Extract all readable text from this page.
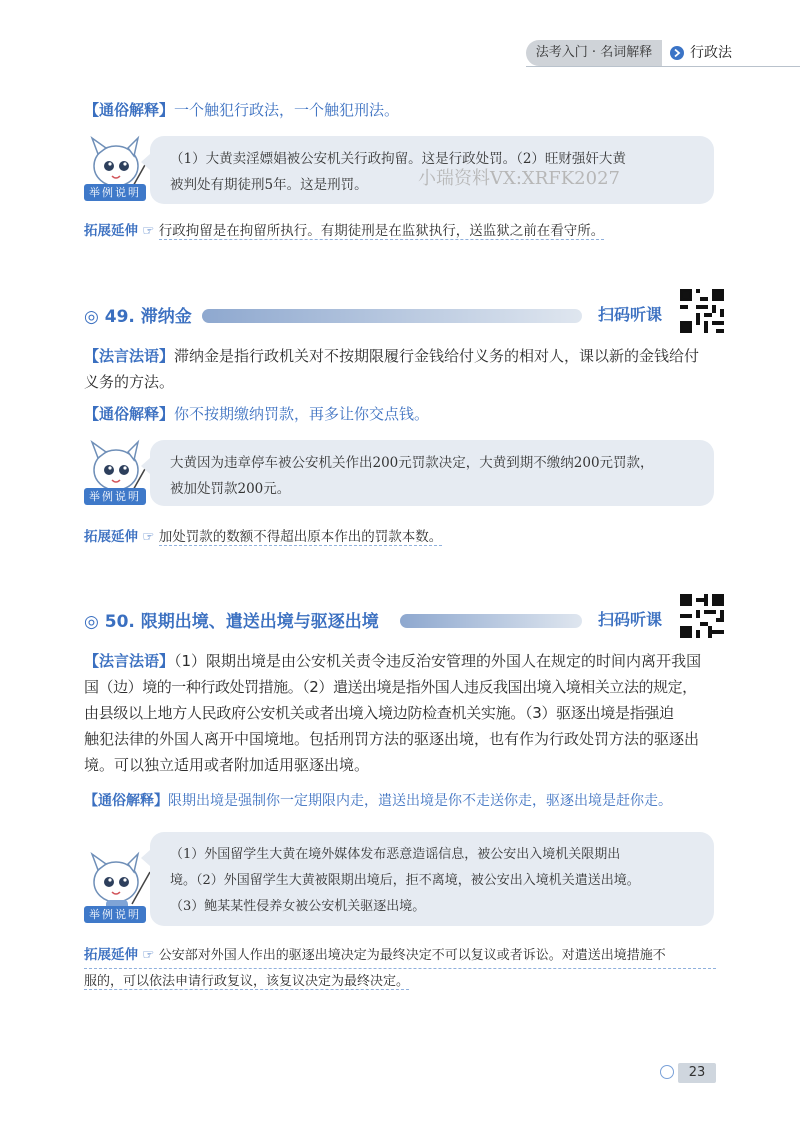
法考入门 · 名词解释	行政法
【通俗解释】一个触犯行政法，一个触犯刑法。
举例说明
（1）大黄卖淫嫖娼被公安机关行政拘留。这是行政处罚。（2）旺财强奸大黄
被判处有期徒刑5年。这是刑罚。	小瑞资料VX:XRFK2027
拓展延伸 ☞ 行政拘留是在拘留所执行。有期徒刑是在监狱执行，送监狱之前在看守所。
◎ 49. 滞纳金	扫码听课
【法言法语】滞纳金是指行政机关对不按期限履行金钱给付义务的相对人，课以新的金钱给付
义务的方法。
【通俗解释】你不按期缴纳罚款，再多让你交点钱。
举例说明
大黄因为违章停车被公安机关作出200元罚款决定，大黄到期不缴纳200元罚款，
被加处罚款200元。
拓展延伸 ☞ 加处罚款的数额不得超出原本作出的罚款本数。
◎ 50. 限期出境、遣送出境与驱逐出境	扫码听课
【法言法语】（1）限期出境是由公安机关责令违反治安管理的外国人在规定的时间内离开我国
国（边）境的一种行政处罚措施。（2）遣送出境是指外国人违反我国出境入境相关立法的规定，
由县级以上地方人民政府公安机关或者出境入境边防检查机关实施。（3）驱逐出境是指强迫
触犯法律的外国人离开中国境地。包括刑罚方法的驱逐出境，也有作为行政处罚方法的驱逐出
境。可以独立适用或者附加适用驱逐出境。
【通俗解释】限期出境是强制你一定期限内走，遣送出境是你不走送你走，驱逐出境是赶你走。
举例说明
（1）外国留学生大黄在境外媒体发布恶意造谣信息，被公安出入境机关限期出
境。（2）外国留学生大黄被限期出境后，拒不离境，被公安出入境机关遣送出境。
（3）鲍某某性侵养女被公安机关驱逐出境。
拓展延伸 ☞ 公安部对外国人作出的驱逐出境决定为最终决定不可以复议或者诉讼。对遣送出境措施不
服的，可以依法申请行政复议，该复议决定为最终决定。
23
